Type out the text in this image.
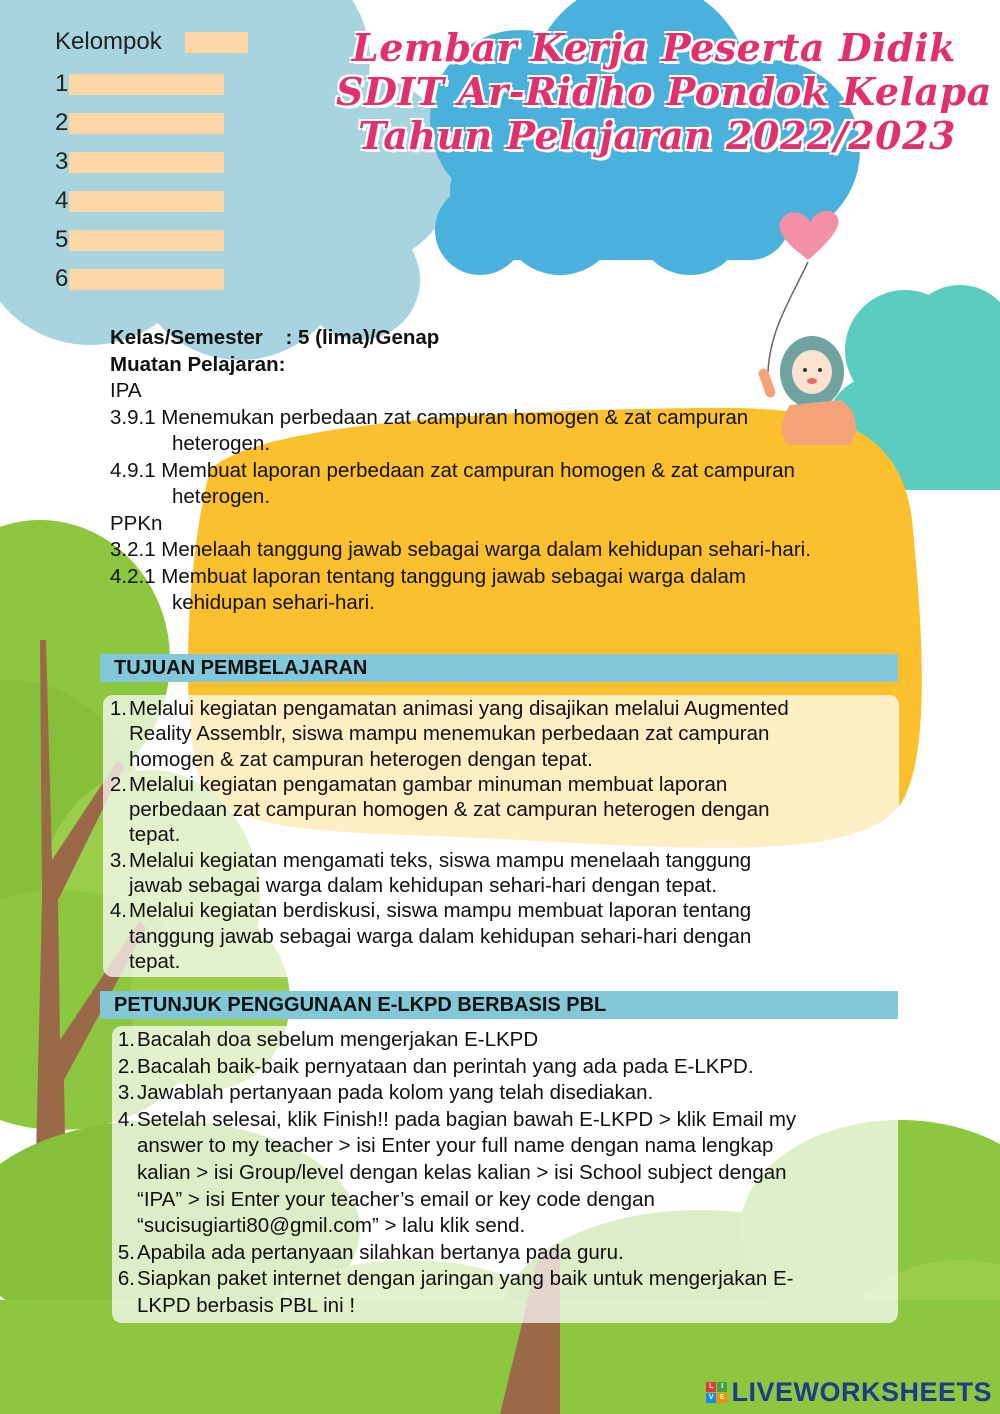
Lembar Kerja Peserta Didik
SDIT Ar-Ridho Pondok Kelapa
Tahun Pelajaran 2022/2023
Kelompok
1
2
3
4
5
6
Kelas/Semester : 5 (lima)/Genap
Muatan Pelajaran:
IPA
3.9.1 Menemukan perbedaan zat campuran homogen & zat campuran
heterogen.
4.9.1 Membuat laporan perbedaan zat campuran homogen & zat campuran
heterogen.
PPKn
3.2.1 Menelaah tanggung jawab sebagai warga dalam kehidupan sehari-hari.
4.2.1 Membuat laporan tentang tanggung jawab sebagai warga dalam
kehidupan sehari-hari.
TUJUAN PEMBELAJARAN
1. Melalui kegiatan pengamatan animasi yang disajikan melalui Augmented
Reality Assemblr, siswa mampu menemukan perbedaan zat campuran
homogen & zat campuran heterogen dengan tepat.
2. Melalui kegiatan pengamatan gambar minuman membuat laporan
perbedaan zat campuran homogen & zat campuran heterogen dengan
tepat.
3. Melalui kegiatan mengamati teks, siswa mampu menelaah tanggung
jawab sebagai warga dalam kehidupan sehari-hari dengan tepat.
4. Melalui kegiatan berdiskusi, siswa mampu membuat laporan tentang
tanggung jawab sebagai warga dalam kehidupan sehari-hari dengan
tepat.
PETUNJUK PENGGUNAAN E-LKPD BERBASIS PBL
1. Bacalah doa sebelum mengerjakan E-LKPD
2. Bacalah baik-baik pernyataan dan perintah yang ada pada E-LKPD.
3. Jawablah pertanyaan pada kolom yang telah disediakan.
4. Setelah selesai, klik Finish!! pada bagian bawah E-LKPD > klik Email my
answer to my teacher > isi Enter your full name dengan nama lengkap
kalian > isi Group/level dengan kelas kalian > isi School subject dengan
“IPA” > isi Enter your teacher’s email or key code dengan
“sucisugiarti80@gmil.com” > lalu klik send.
5. Apabila ada pertanyaan silahkan bertanya pada guru.
6. Siapkan paket internet dengan jaringan yang baik untuk mengerjakan E-
LKPD berbasis PBL ini !
L	I
V E LIVEWORKSHEETS
